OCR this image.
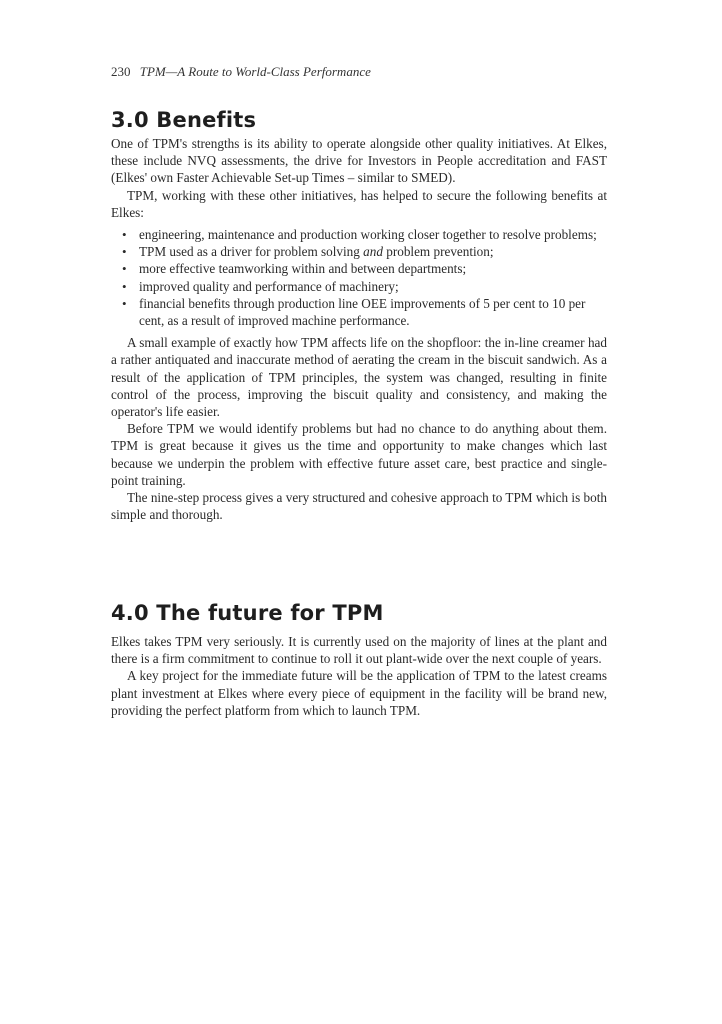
230 TPM—A Route to World-Class Performance
3.0 Benefits

One of TPM's strengths is its ability to operate alongside other quality initiatives. At Elkes, these include NVQ assessments, the drive for Investors in People accreditation and FAST (Elkes' own Faster Achievable Set-up Times – similar to SMED).

TPM, working with these other initiatives, has helped to secure the following benefits at Elkes:

• engineering, maintenance and production working closer together to resolve problems;
• TPM used as a driver for problem solving and problem prevention;
• more effective teamworking within and between departments;
• improved quality and performance of machinery;
• financial benefits through production line OEE improvements of 5 per cent to 10 per cent, as a result of improved machine performance.

A small example of exactly how TPM affects life on the shopfloor: the in-line creamer had a rather antiquated and inaccurate method of aerating the cream in the biscuit sandwich. As a result of the application of TPM principles, the system was changed, resulting in finite control of the process, improving the biscuit quality and consistency, and making the operator's life easier.

Before TPM we would identify problems but had no chance to do anything about them. TPM is great because it gives us the time and opportunity to make changes which last because we underpin the problem with effective future asset care, best practice and single-point training.

The nine-step process gives a very structured and cohesive approach to TPM which is both simple and thorough.

4.0 The future for TPM

Elkes takes TPM very seriously. It is currently used on the majority of lines at the plant and there is a firm commitment to continue to roll it out plant-wide over the next couple of years.

A key project for the immediate future will be the application of TPM to the latest creams plant investment at Elkes where every piece of equipment in the facility will be brand new, providing the perfect platform from which to launch TPM.
